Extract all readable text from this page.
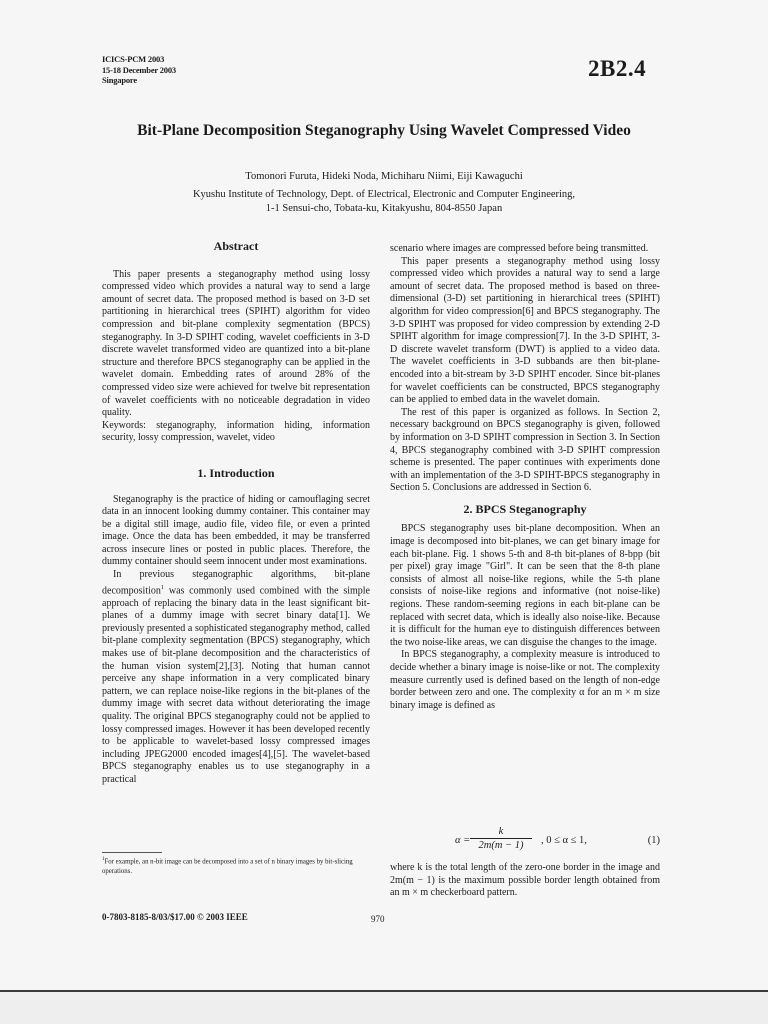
ICICS-PCM 2003
15-18 December 2003
Singapore	2B2.4
Bit-Plane Decomposition Steganography Using Wavelet Compressed Video
Tomonori Furuta, Hideki Noda, Michiharu Niimi, Eiji Kawaguchi
Kyushu Institute of Technology, Dept. of Electrical, Electronic and Computer Engineering,
1-1 Sensui-cho, Tobata-ku, Kitakyushu, 804-8550 Japan
Abstract

This paper presents a steganography method using lossy compressed video which provides a natural way to send a large amount of secret data. The proposed method is based on 3-D set partitioning in hierarchical trees (SPIHT) algorithm for video compression and bit-plane complexity segmentation (BPCS) steganography. In 3-D SPIHT coding, wavelet coefficients in 3-D discrete wavelet transformed video are quantized into a bit-plane structure and therefore BPCS steganography can be applied in the wavelet domain. Embedding rates of around 28% of the compressed video size were achieved for twelve bit representation of wavelet coefficients with no noticeable degradation in video quality.

Keywords: steganography, information hiding, information security, lossy compression, wavelet, video

1. Introduction

Steganography is the practice of hiding or camouflaging secret data in an innocent looking dummy container. This container may be a digital still image, audio file, video file, or even a printed image. Once the data has been embedded, it may be transferred across insecure lines or posted in public places. Therefore, the dummy container should seem innocent under most examinations.

In previous steganographic algorithms, bit-plane decomposition$^1$ was commonly used combined with the simple approach of replacing the binary data in the least significant bit-planes of a dummy image with secret binary data[1]. We previously presented a sophisticated steganography method, called bit-plane complexity segmentation (BPCS) steganography, which makes use of bit-plane decomposition and the characteristics of the human vision system[2],[3]. Noting that human cannot perceive any shape information in a very complicated binary pattern, we can replace noise-like regions in the bit-planes of the dummy image with secret data without deteriorating the image quality. The original BPCS steganography could not be applied to lossy compressed images. However it has been developed recently to be applicable to wavelet-based lossy compressed images including JPEG2000 encoded images[4],[5]. The wavelet-based BPCS steganography enables us to use steganography in a practical

$^1$For example, an n-bit image can be decomposed into a set of n binary images by bit-slicing operations.

scenario where images are compressed before being transmitted.

This paper presents a steganography method using lossy compressed video which provides a natural way to send a large amount of secret data. The proposed method is based on three-dimensional (3-D) set partitioning in hierarchical trees (SPIHT) algorithm for video compression[6] and BPCS steganography. The 3-D SPIHT was proposed for video compression by extending 2-D SPIHT algorithm for image compression[7]. In the 3-D SPIHT, 3-D discrete wavelet transform (DWT) is applied to a video data. The wavelet coefficients in 3-D subbands are then bit-plane-encoded into a bit-stream by 3-D SPIHT encoder. Since bit-planes for wavelet coefficients can be constructed, BPCS steganography can be applied to embed data in the wavelet domain.

The rest of this paper is organized as follows. In Section 2, necessary background on BPCS steganography is given, followed by information on 3-D SPIHT compression in Section 3. In Section 4, BPCS steganography combined with 3-D SPIHT compression scheme is presented. The paper continues with experiments done with an implementation of the 3-D SPIHT-BPCS steganography in Section 5. Conclusions are addressed in Section 6.

2. BPCS Steganography

BPCS steganography uses bit-plane decomposition. When an image is decomposed into bit-planes, we can get binary image for each bit-plane. Fig. 1 shows 5-th and 8-th bit-planes of 8-bpp (bit per pixel) gray image "Girl". It can be seen that the 8-th plane consists of almost all noise-like regions, while the 5-th plane consists of noise-like regions and informative (not noise-like) regions. These random-seeming regions in each bit-plane can be replaced with secret data, which is ideally also noise-like. Because it is difficult for the human eye to distinguish differences between the two noise-like areas, we can disguise the changes to the image.

In BPCS steganography, a complexity measure is introduced to decide whether a binary image is noise-like or not. The complexity measure currently used is defined based on the length of non-edge border between zero and one. The complexity α for an m × m size binary image is defined as

α =
k
2m(m − 1)	, 0 ≤ α ≤ 1,	(1)
where k is the total length of the zero-one border in the image and 2m(m − 1) is the maximum possible border length obtained from an m × m checkerboard pattern.
0-7803-8185-8/03/$17.00 © 2003 IEEE	970
